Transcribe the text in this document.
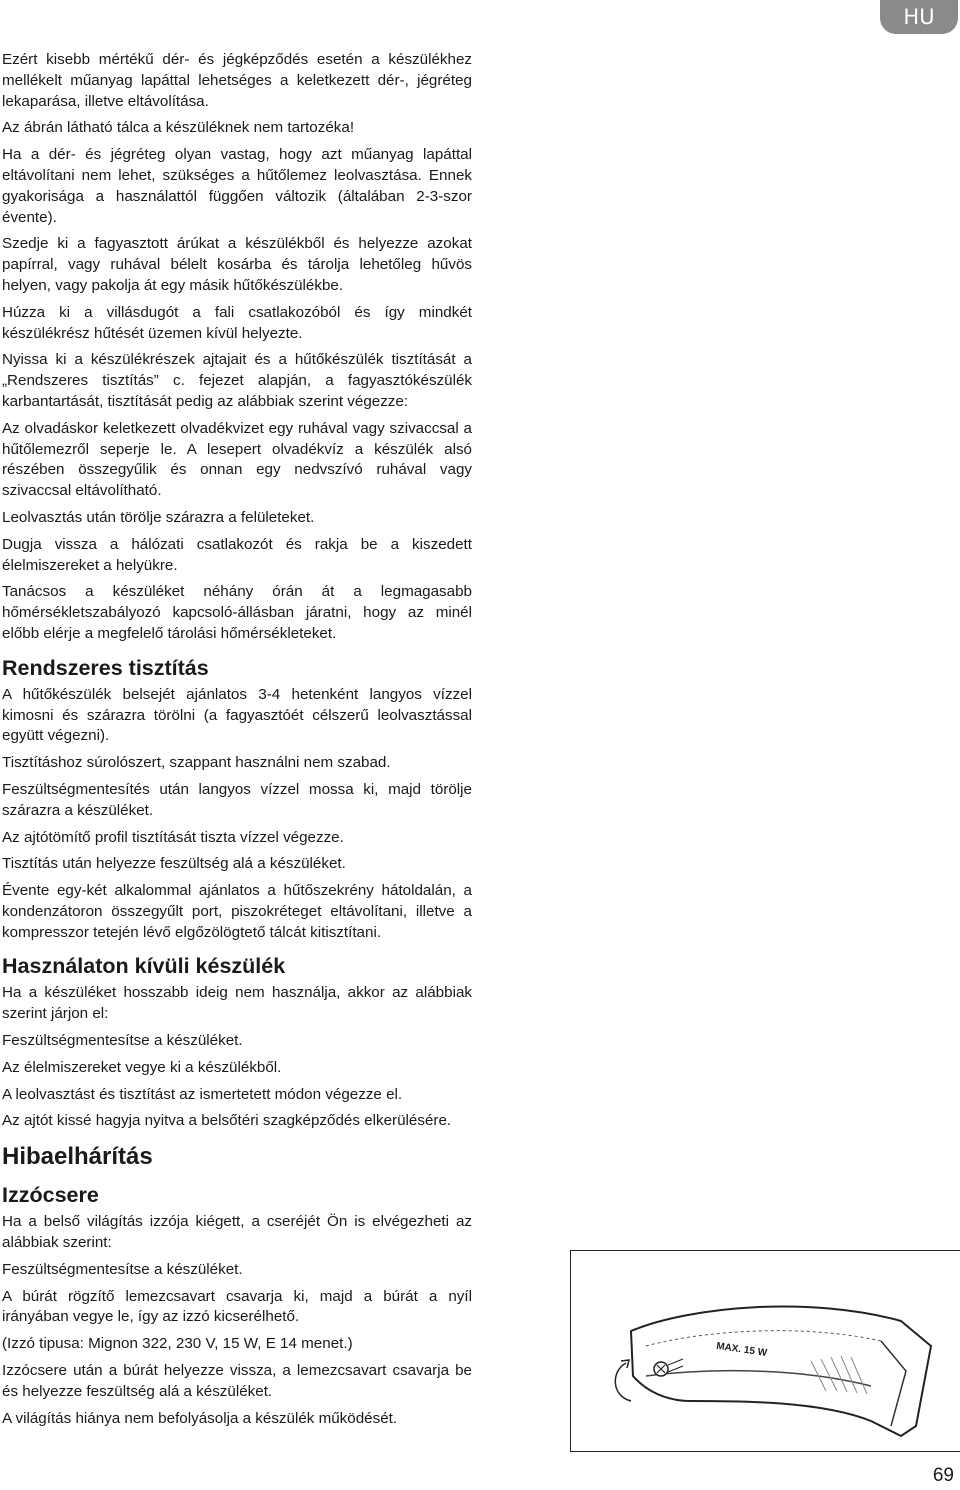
HU

Ezért kisebb mértékű dér- és jégképződés esetén a készülékhez mellékelt műanyag lapáttal lehetséges a keletkezett dér-, jégréteg lekaparása, illetve eltávolítása.

Az ábrán látható tálca a készüléknek nem tartozéka!

Ha a dér- és jégréteg olyan vastag, hogy azt műanyag lapáttal eltávolítani nem lehet, szükséges a hűtőlemez leolvasztása. Ennek gyakorisága a használattól függően változik (általában 2-3-szor évente).

Szedje ki a fagyasztott árúkat a készülékből és helyezze azokat papírral, vagy ruhával bélelt kosárba és tárolja lehetőleg hűvös helyen, vagy pakolja át egy másik hűtőkészülékbe.

Húzza ki a villásdugót a fali csatlakozóból és így mindkét készülékrész hűtését üzemen kívül helyezte.

Nyissa ki a készülékrészek ajtajait és a hűtőkészülék tisztítását a „Rendszeres tisztítás” c. fejezet alapján, a fagyasztókészülék karbantartását, tisztítását pedig az alábbiak szerint végezze:

Az olvadáskor keletkezett olvadékvizet egy ruhával vagy szivaccsal a hűtőlemezről seperje le. A lesepert olvadékvíz a készülék alsó részében összegyűlik és onnan egy nedvszívó ruhával vagy szivaccsal eltávolítható.

Leolvasztás után törölje szárazra a felületeket.

Dugja vissza a hálózati csatlakozót és rakja be a kiszedett élelmiszereket a helyükre.

Tanácsos a készüléket néhány órán át a legmagasabb hőmérsékletszabályozó kapcsoló-állásban járatni, hogy az minél előbb elérje a megfelelő tárolási hőmérsékleteket.

Rendszeres tisztítás

A hűtőkészülék belsejét ajánlatos 3-4 hetenként langyos vízzel kimosni és szárazra törölni (a fagyasztóét célszerű leolvasztással együtt végezni).

Tisztításhoz súrolószert, szappant használni nem szabad.

Feszültségmentesítés után langyos vízzel mossa ki, majd törölje szárazra a készüléket.

Az ajtótömítő profil tisztítását tiszta vízzel végezze.

Tisztítás után helyezze feszültség alá a készüléket.

Évente egy-két alkalommal ajánlatos a hűtőszekrény hátoldalán, a kondenzátoron összegyűlt port, piszokréteget eltávolítani, illetve a kompresszor tetején lévő elgőzölögtető tálcát kitisztítani.

Használaton kívüli készülék

Ha a készüléket hosszabb ideig nem használja, akkor az alábbiak szerint járjon el:

Feszültségmentesítse a készüléket.

Az élelmiszereket vegye ki a készülékből.

A leolvasztást és tisztítást az ismertetett módon végezze el.

Az ajtót kissé hagyja nyitva a belsőtéri szagképződés elkerülésére.

Hibaelhárítás
Izzócsere

Ha a belső világítás izzója kiégett, a cseréjét Ön is elvégezheti az alábbiak szerint:

Feszültségmentesítse a készüléket.

A búrát rögzítő lemezcsavart csavarja ki, majd a búrát a nyíl irányában vegye le, így az izzó kicserélhető.

(Izzó tipusa: Mignon 322, 230 V, 15 W, E 14 menet.)

Izzócsere után a búrát helyezze vissza, a lemezcsavart csavarja be és helyezze feszültség alá a készüléket.

A világítás hiánya nem befolyásolja a készülék működését.

MAX. 15 W
69
